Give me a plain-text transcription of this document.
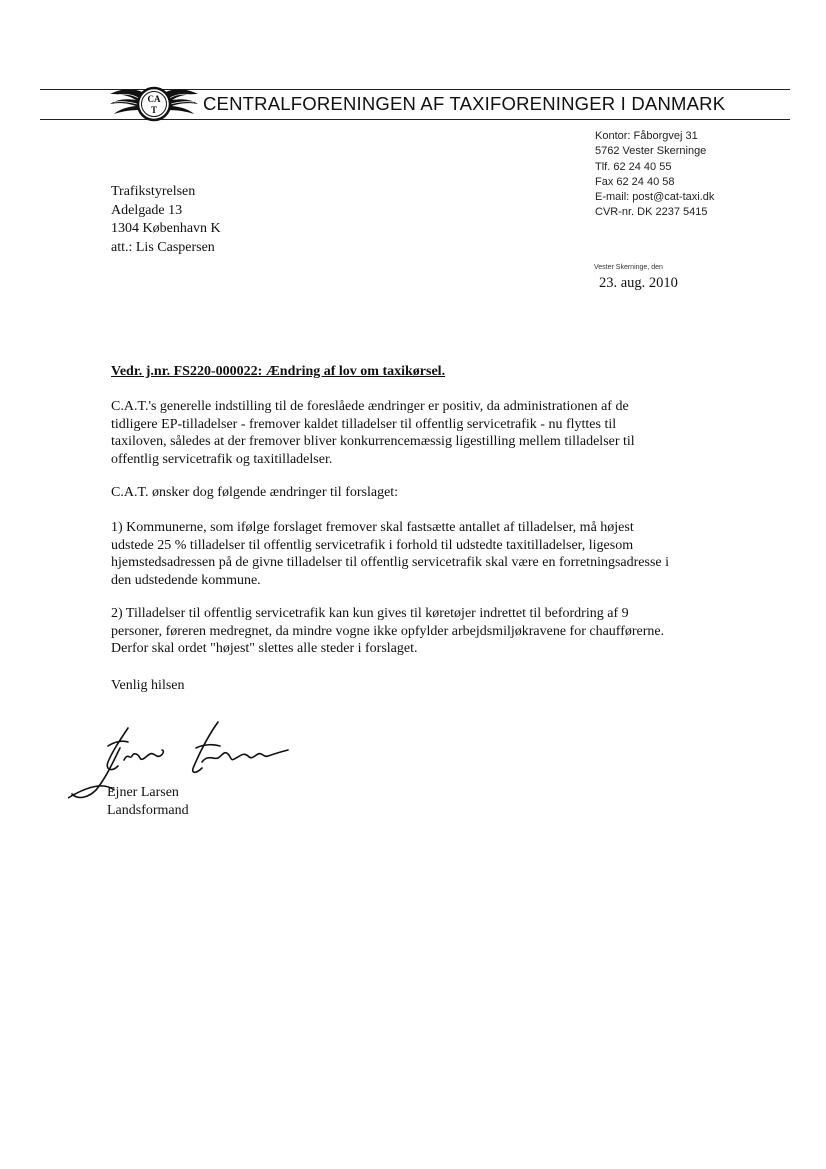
CA
T CENTRALFORENINGEN AF TAXIFORENINGER I DANMARK
Kontor: Fåborgvej 31
5762 Vester Skerninge
Tlf. 62 24 40 55
Fax 62 24 40 58
E-mail: post@cat-taxi.dk
CVR-nr. DK 2237 5415
Trafikstyrelsen
Adelgade 13
1304 København K
att.: Lis Caspersen
Vester Skerninge, den
23. aug. 2010
Vedr. j.nr. FS220-000022: Ændring af lov om taxikørsel.
C.A.T.'s generelle indstilling til de foreslåede ændringer er positiv, da administrationen af de
tidligere EP-tilladelser - fremover kaldet tilladelser til offentlig servicetrafik - nu flyttes til
taxiloven, således at der fremover bliver konkurrencemæssig ligestilling mellem tilladelser til
offentlig servicetrafik og taxitilladelser.
C.A.T. ønsker dog følgende ændringer til forslaget:
1) Kommunerne, som ifølge forslaget fremover skal fastsætte antallet af tilladelser, må højest
udstede 25 % tilladelser til offentlig servicetrafik i forhold til udstedte taxitilladelser, ligesom
hjemstedsadressen på de givne tilladelser til offentlig servicetrafik skal være en forretningsadresse i
den udstedende kommune.
2) Tilladelser til offentlig servicetrafik kan kun gives til køretøjer indrettet til befordring af 9
personer, føreren medregnet, da mindre vogne ikke opfylder arbejdsmiljøkravene for chaufførerne.
Derfor skal ordet "højest" slettes alle steder i forslaget.
Venlig hilsen
Ejner Larsen
Landsformand
